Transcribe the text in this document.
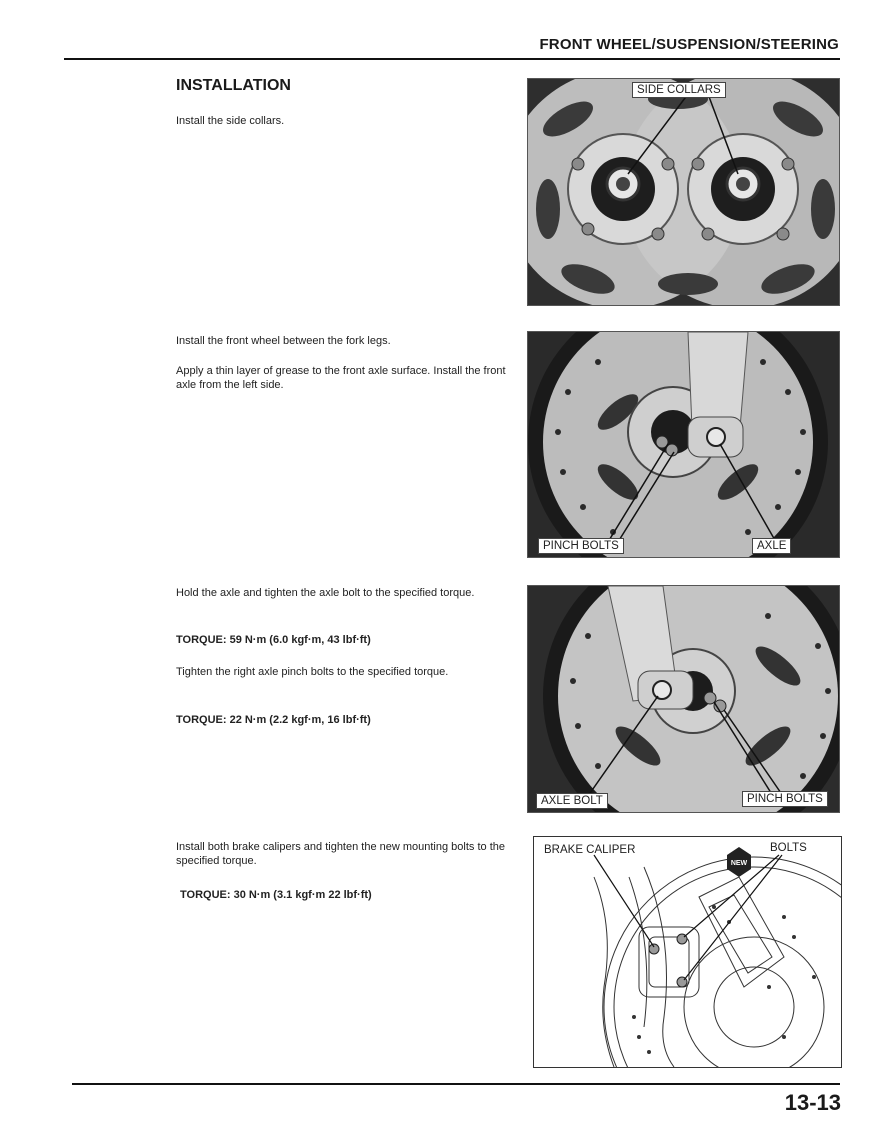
FRONT WHEEL/SUSPENSION/STEERING
INSTALLATION
Install the side collars.
SIDE COLLARS
Install the front wheel between the fork legs.
Apply a thin layer of grease to the front axle surface. Install the front axle from the left side.
PINCH BOLTS	AXLE
Hold the axle and tighten the axle bolt to the specified torque.
TORQUE: 59 N·m (6.0 kgf·m, 43 lbf·ft)
Tighten the right axle pinch bolts to the specified torque.
TORQUE: 22 N·m (2.2 kgf·m, 16 lbf·ft)
AXLE BOLT	PINCH BOLTS
Install both brake calipers and tighten the new mounting bolts to the specified torque.
TORQUE: 30 N·m (3.1 kgf·m 22 lbf·ft)
NEW
BRAKE CALIPER	BOLTS
13-13
